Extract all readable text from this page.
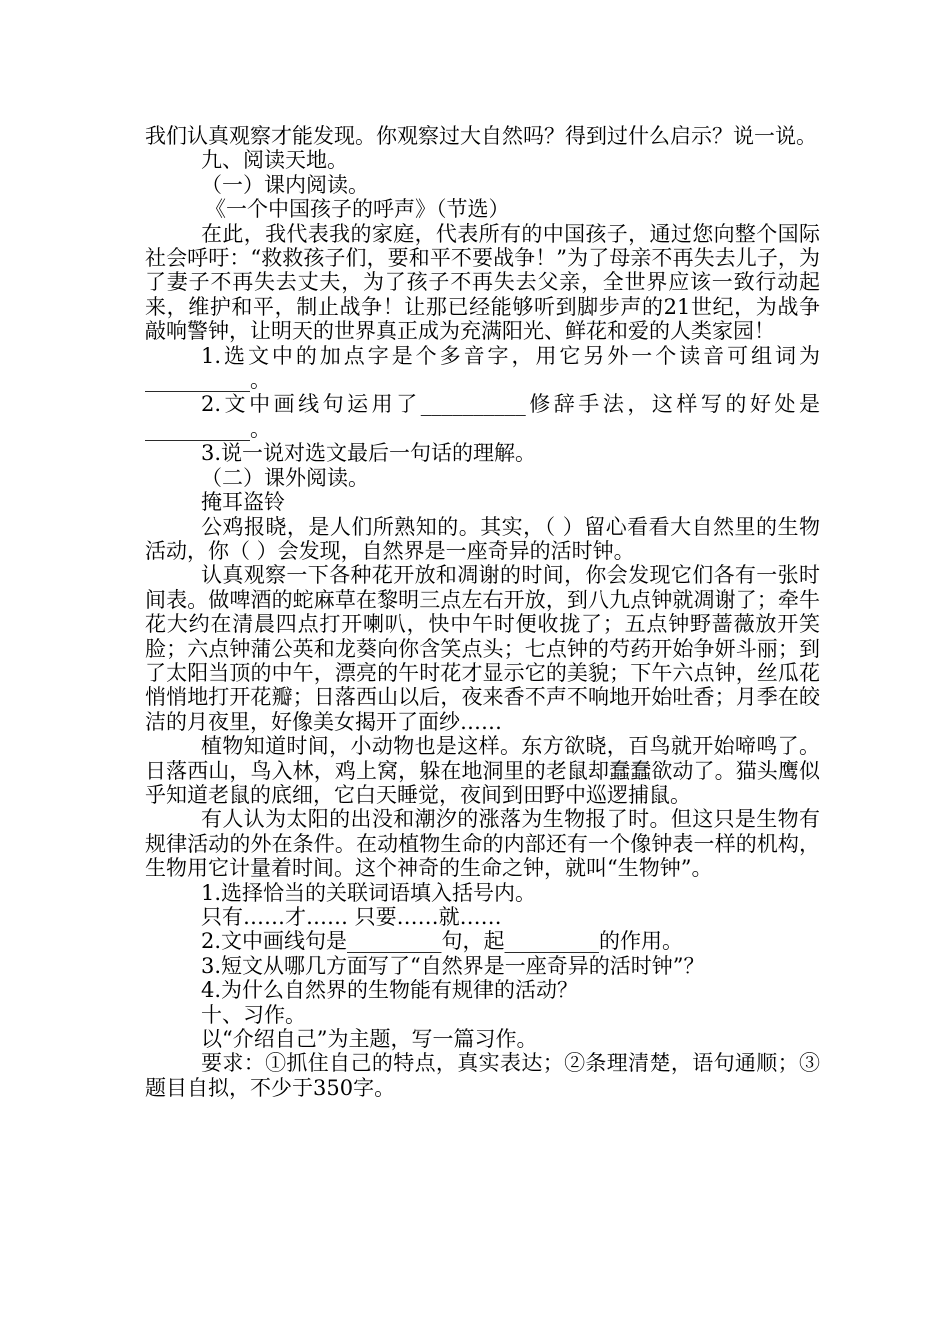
我们认真观察才能发现。你观察过大自然吗？得到过什么启示？说一说。

九、阅读天地。

（一）课内阅读。

《一个中国孩子的呼声》（节选）

在此，我代表我的家庭，代表所有的中国孩子，通过您向整个国际社会呼吁：“救救孩子们，要和平不要战争！”为了母亲不再失去儿子，为了妻子不再失去丈夫，为了孩子不再失去父亲，全世界应该一致行动起来，维护和平，制止战争！让那已经能够听到脚步声的21世纪，为战争敲响警钟，让明天的世界真正成为充满阳光、鲜花和爱的人类家园！

1.选文中的加点字是个多音字，用它另外一个读音可组词为__________。

2.文中画线句运用了__________修辞手法，这样写的好处是__________。

3.说一说对选文最后一句话的理解。

（二）课外阅读。

掩耳盗铃

公鸡报晓，是人们所熟知的。其实，（ ）留心看看大自然里的生物活动，你（ ）会发现，自然界是一座奇异的活时钟。

认真观察一下各种花开放和凋谢的时间，你会发现它们各有一张时间表。做啤酒的蛇麻草在黎明三点左右开放，到八九点钟就凋谢了；牵牛花大约在清晨四点打开喇叭，快中午时便收拢了；五点钟野蔷薇放开笑脸；六点钟蒲公英和龙葵向你含笑点头；七点钟的芍药开始争妍斗丽；到了太阳当顶的中午，漂亮的午时花才显示它的美貌；下午六点钟，丝瓜花悄悄地打开花瓣；日落西山以后，夜来香不声不响地开始吐香；月季在皎洁的月夜里，好像美女揭开了面纱……

植物知道时间，小动物也是这样。东方欲晓，百鸟就开始啼鸣了。日落西山，鸟入林，鸡上窝，躲在地洞里的老鼠却蠢蠢欲动了。猫头鹰似乎知道老鼠的底细，它白天睡觉，夜间到田野中巡逻捕鼠。

有人认为太阳的出没和潮汐的涨落为生物报了时。但这只是生物有规律活动的外在条件。在动植物生命的内部还有一个像钟表一样的机构，生物用它计量着时间。这个神奇的生命之钟，就叫“生物钟”。

1.选择恰当的关联词语填入括号内。

只有……才…… 只要……就……

2.文中画线句是_________句，起_________的作用。

3.短文从哪几方面写了“自然界是一座奇异的活时钟”？

4.为什么自然界的生物能有规律的活动？

十、习作。

以“介绍自己”为主题，写一篇习作。

要求：①抓住自己的特点，真实表达；②条理清楚，语句通顺；③题目自拟，不少于350字。
